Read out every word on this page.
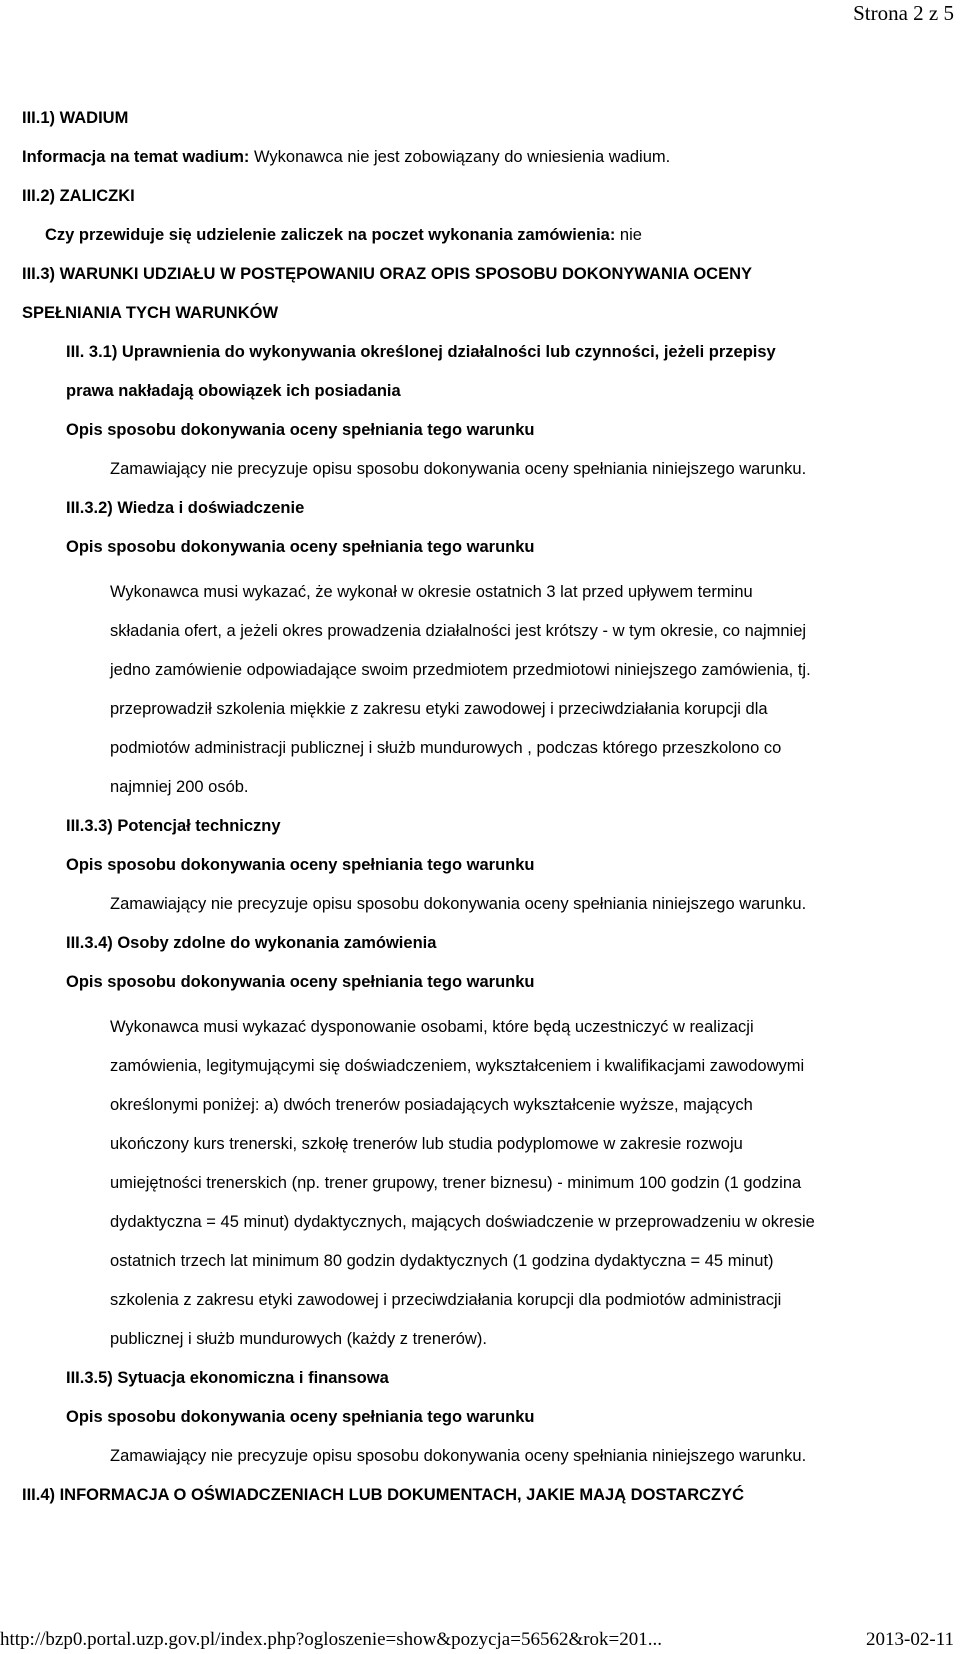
Strona 2 z 5
III.1) WADIUM
Informacja na temat wadium: Wykonawca nie jest zobowiązany do wniesienia wadium.
III.2) ZALICZKI
Czy przewiduje się udzielenie zaliczek na poczet wykonania zamówienia: nie
III.3) WARUNKI UDZIAŁU W POSTĘPOWANIU ORAZ OPIS SPOSOBU DOKONYWANIA OCENY
SPEŁNIANIA TYCH WARUNKÓW
III. 3.1) Uprawnienia do wykonywania określonej działalności lub czynności, jeżeli przepisy
prawa nakładają obowiązek ich posiadania
Opis sposobu dokonywania oceny spełniania tego warunku
Zamawiający nie precyzuje opisu sposobu dokonywania oceny spełniania niniejszego warunku.
III.3.2) Wiedza i doświadczenie
Opis sposobu dokonywania oceny spełniania tego warunku
Wykonawca musi wykazać, że wykonał w okresie ostatnich 3 lat przed upływem terminu
składania ofert, a jeżeli okres prowadzenia działalności jest krótszy - w tym okresie, co najmniej
jedno zamówienie odpowiadające swoim przedmiotem przedmiotowi niniejszego zamówienia, tj.
przeprowadził szkolenia miękkie z zakresu etyki zawodowej i przeciwdziałania korupcji dla
podmiotów administracji publicznej i służb mundurowych , podczas którego przeszkolono co
najmniej 200 osób.
III.3.3) Potencjał techniczny
Opis sposobu dokonywania oceny spełniania tego warunku
Zamawiający nie precyzuje opisu sposobu dokonywania oceny spełniania niniejszego warunku.
III.3.4) Osoby zdolne do wykonania zamówienia
Opis sposobu dokonywania oceny spełniania tego warunku
Wykonawca musi wykazać dysponowanie osobami, które będą uczestniczyć w realizacji
zamówienia, legitymującymi się doświadczeniem, wykształceniem i kwalifikacjami zawodowymi
określonymi poniżej: a) dwóch trenerów posiadających wykształcenie wyższe, mających
ukończony kurs trenerski, szkołę trenerów lub studia podyplomowe w zakresie rozwoju
umiejętności trenerskich (np. trener grupowy, trener biznesu) - minimum 100 godzin (1 godzina
dydaktyczna = 45 minut) dydaktycznych, mających doświadczenie w przeprowadzeniu w okresie
ostatnich trzech lat minimum 80 godzin dydaktycznych (1 godzina dydaktyczna = 45 minut)
szkolenia z zakresu etyki zawodowej i przeciwdziałania korupcji dla podmiotów administracji
publicznej i służb mundurowych (każdy z trenerów).
III.3.5) Sytuacja ekonomiczna i finansowa
Opis sposobu dokonywania oceny spełniania tego warunku
Zamawiający nie precyzuje opisu sposobu dokonywania oceny spełniania niniejszego warunku.
III.4) INFORMACJA O OŚWIADCZENIACH LUB DOKUMENTACH, JAKIE MAJĄ DOSTARCZYĆ
http://bzp0.portal.uzp.gov.pl/index.php?ogloszenie=show&pozycja=56562&rok=201...	2013-02-11
